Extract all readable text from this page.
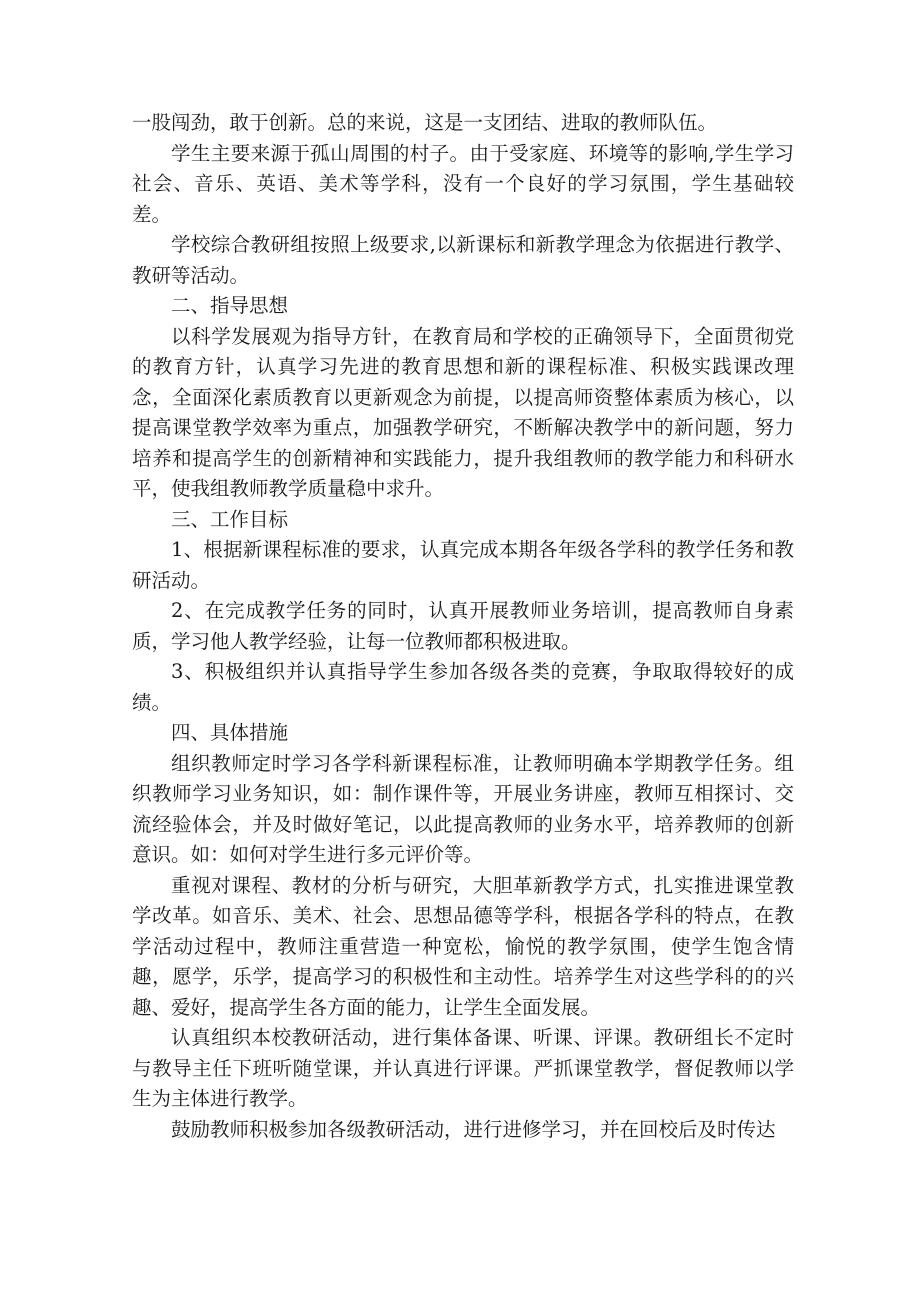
一股闯劲，敢于创新。总的来说，这是一支团结、进取的教师队伍。

学生主要来源于孤山周围的村子。由于受家庭、环境等的影响,学生学习社会、音乐、英语、美术等学科，没有一个良好的学习氛围，学生基础较差。

学校综合教研组按照上级要求,以新课标和新教学理念为依据进行教学、教研等活动。

二、指导思想

以科学发展观为指导方针，在教育局和学校的正确领导下，全面贯彻党的教育方针，认真学习先进的教育思想和新的课程标准、积极实践课改理念，全面深化素质教育以更新观念为前提，以提高师资整体素质为核心，以提高课堂教学效率为重点，加强教学研究，不断解决教学中的新问题，努力培养和提高学生的创新精神和实践能力，提升我组教师的教学能力和科研水平，使我组教师教学质量稳中求升。

三、工作目标

1、根据新课程标准的要求，认真完成本期各年级各学科的教学任务和教研活动。

2、在完成教学任务的同时，认真开展教师业务培训，提高教师自身素质，学习他人教学经验，让每一位教师都积极进取。

3、积极组织并认真指导学生参加各级各类的竞赛，争取取得较好的成绩。

四、具体措施

组织教师定时学习各学科新课程标准，让教师明确本学期教学任务。组织教师学习业务知识，如：制作课件等，开展业务讲座，教师互相探讨、交流经验体会，并及时做好笔记，以此提高教师的业务水平，培养教师的创新意识。如：如何对学生进行多元评价等。

重视对课程、教材的分析与研究，大胆革新教学方式，扎实推进课堂教学改革。如音乐、美术、社会、思想品德等学科，根据各学科的特点，在教学活动过程中，教师注重营造一种宽松，愉悦的教学氛围，使学生饱含情趣，愿学，乐学，提高学习的积极性和主动性。培养学生对这些学科的的兴趣、爱好，提高学生各方面的能力，让学生全面发展。

认真组织本校教研活动，进行集体备课、听课、评课。教研组长不定时与教导主任下班听随堂课，并认真进行评课。严抓课堂教学，督促教师以学生为主体进行教学。

鼓励教师积极参加各级教研活动，进行进修学习，并在回校后及时传达
